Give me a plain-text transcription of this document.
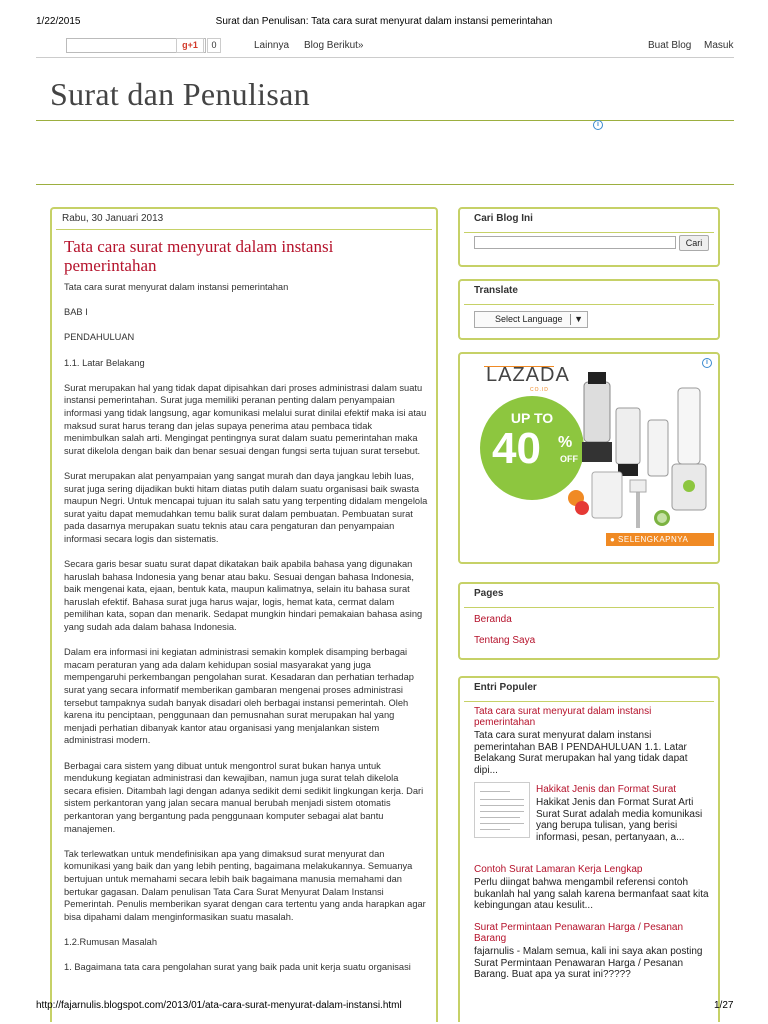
1/22/2015	Surat dan Penulisan: Tata cara surat menyurat dalam instansi pemerintahan
g+1	0	Lainnya Blog Berikut»	Buat Blog Masuk
Surat dan Penulisan
i
Rabu, 30 Januari 2013
Tata cara surat menyurat dalam instansi pemerintahan

Tata cara surat menyurat dalam instansi pemerintahan

BAB I

PENDAHULUAN

1.1. Latar Belakang

Surat merupakan hal yang tidak dapat dipisahkan dari proses administrasi dalam suatu instansi pemerintahan. Surat juga memiliki peranan penting dalam penyampaian informasi yang tidak langsung, agar komunikasi melalui surat dinilai efektif maka isi atau maksud surat harus terang dan jelas supaya penerima atau pembaca tidak menimbulkan salah arti. Mengingat pentingnya surat dalam suatu pemerintahan maka surat dikelola dengan baik dan benar sesuai dengan fungsi serta tujuan surat tersebut.

Surat merupakan alat penyampaian yang sangat murah dan daya jangkau lebih luas, surat juga sering dijadikan bukti hitam diatas putih dalam suatu organisasi baik swasta maupun Negri. Untuk mencapai tujuan itu salah satu yang terpenting didalam mengelola surat yaitu dapat memudahkan temu balik surat dalam pembuatan. Pembuatan surat pada dasarnya merupakan suatu teknis atau cara pengaturan dan penyampaian informasi secara logis dan sistematis.

Secara garis besar suatu surat dapat dikatakan baik apabila bahasa yang digunakan haruslah bahasa Indonesia yang benar atau baku. Sesuai dengan bahasa Indonesia, baik mengenai kata, ejaan, bentuk kata, maupun kalimatnya, selain itu bahasa surat haruslah efektif. Bahasa surat juga harus wajar, logis, hemat kata, cermat dalam pemilihan kata, sopan dan menarik. Sedapat mungkin hindari pemakaian bahasa asing yang sudah ada dalam bahasa Indonesia.

Dalam era informasi ini kegiatan administrasi semakin komplek disamping berbagai macam peraturan yang ada dalam kehidupan sosial masyarakat yang juga mempengaruhi perkembangan pengolahan surat. Kesadaran dan perhatian terhadap surat yang secara informatif memberikan gambaran mengenai proses administrasi tersebut tampaknya sudah banyak disadari oleh berbagai instansi pemerintah. Oleh karena itu penciptaan, penggunaan dan pemusnahan surat merupakan hal yang menjadi perhatian dibanyak kantor atau organisasi yang menjalankan sistem administrasi modern.

Berbagai cara sistem yang dibuat untuk mengontrol surat bukan hanya untuk mendukung kegiatan administrasi dan kewajiban, namun juga surat telah dikelola secara efisien. Ditambah lagi dengan adanya sedikit demi sedikit lingkungan kerja. Dari sistem perkantoran yang jalan secara manual berubah menjadi sistem otomatis perkantoran yang bergantung pada penggunaan komputer sebagai alat bantu manajemen.

Tak terlewatkan untuk mendefinisikan apa yang dimaksud surat menyurat dan komunikasi yang baik dan yang lebih penting, bagaimana melakukannya. Semuanya bertujuan untuk memahami secara lebih baik bagaimana manusia memahami dan bertukar gagasan. Dalam penulisan Tata Cara Surat Menyurat Dalam Instansi Pemerintah. Penulis memberikan syarat dengan cara tertentu yang anda harapkan agar bisa dipahami dalam menginformasikan suatu masalah.

1.2.Rumusan Masalah

1. Bagaimana tata cara pengolahan surat yang baik pada unit kerja suatu organisasi

Cari Blog Ini
Cari
Translate
Select Language ▼
i
LAZADA
CO.ID
UP TO
40 %
OFF
● SELENGKAPNYA
Pages
Beranda
Tentang Saya
Entri Populer
Tata cara surat menyurat dalam instansi pemerintahan
Tata cara surat menyurat dalam instansi pemerintahan BAB I PENDAHULUAN 1.1. Latar Belakang Surat merupakan hal yang tidak dapat dipi...
Hakikat Jenis dan Format Surat
Hakikat Jenis dan Format Surat Arti Surat Surat adalah media komunikasi yang berupa tulisan, yang berisi informasi, pesan, pertanyaan, a...
Contoh Surat Lamaran Kerja Lengkap
Perlu diingat bahwa mengambil referensi contoh bukanlah hal yang salah karena bermanfaat saat kita kebingungan atau kesulit...
Surat Permintaan Penawaran Harga / Pesanan Barang
fajarnulis - Malam semua, kali ini saya akan posting Surat Permintaan Penawaran Harga / Pesanan Barang. Buat apa ya surat ini?????
http://fajarnulis.blogspot.com/2013/01/ata-cara-surat-menyurat-dalam-instansi.html	1/27
